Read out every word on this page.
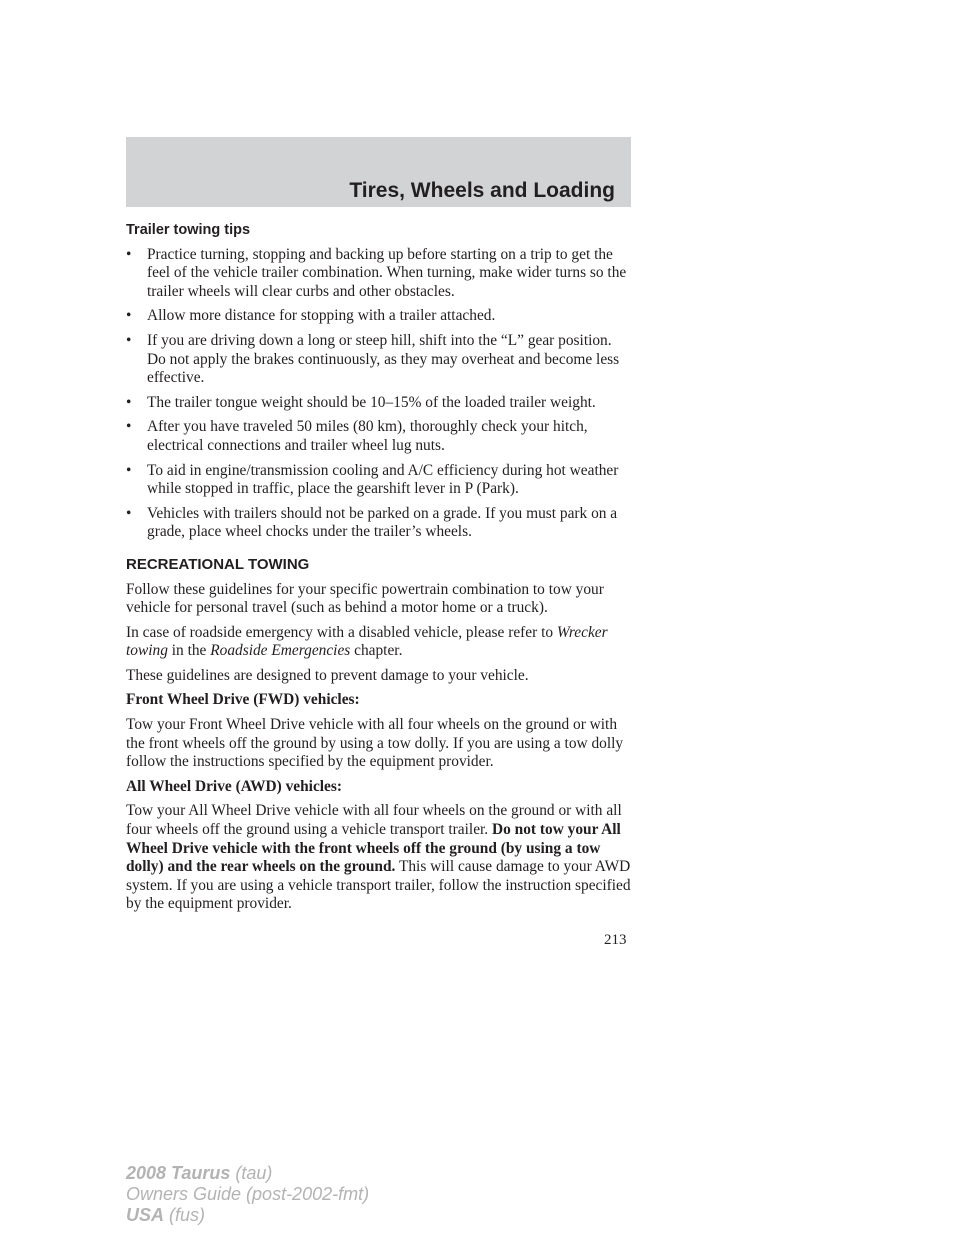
Tires, Wheels and Loading
Trailer towing tips
• Practice turning, stopping and backing up before starting on a trip to get the feel of the vehicle trailer combination. When turning, make wider turns so the trailer wheels will clear curbs and other obstacles.
• Allow more distance for stopping with a trailer attached.
• If you are driving down a long or steep hill, shift into the “L” gear position. Do not apply the brakes continuously, as they may overheat and become less effective.
• The trailer tongue weight should be 10–15% of the loaded trailer weight.
• After you have traveled 50 miles (80 km), thoroughly check your hitch, electrical connections and trailer wheel lug nuts.
• To aid in engine/transmission cooling and A/C efficiency during hot weather while stopped in traffic, place the gearshift lever in P (Park).
• Vehicles with trailers should not be parked on a grade. If you must park on a grade, place wheel chocks under the trailer’s wheels.
RECREATIONAL TOWING

Follow these guidelines for your specific powertrain combination to tow your vehicle for personal travel (such as behind a motor home or a truck).

In case of roadside emergency with a disabled vehicle, please refer to Wrecker towing in the Roadside Emergencies chapter.

These guidelines are designed to prevent damage to your vehicle.

Front Wheel Drive (FWD) vehicles:

Tow your Front Wheel Drive vehicle with all four wheels on the ground or with the front wheels off the ground by using a tow dolly. If you are using a tow dolly follow the instructions specified by the equipment provider.

All Wheel Drive (AWD) vehicles:

Tow your All Wheel Drive vehicle with all four wheels on the ground or with all four wheels off the ground using a vehicle transport trailer. Do not tow your All Wheel Drive vehicle with the front wheels off the ground (by using a tow dolly) and the rear wheels on the ground. This will cause damage to your AWD system. If you are using a vehicle transport trailer, follow the instruction specified by the equipment provider.

213
2008 Taurus (tau)
Owners Guide (post-2002-fmt)
USA (fus)
